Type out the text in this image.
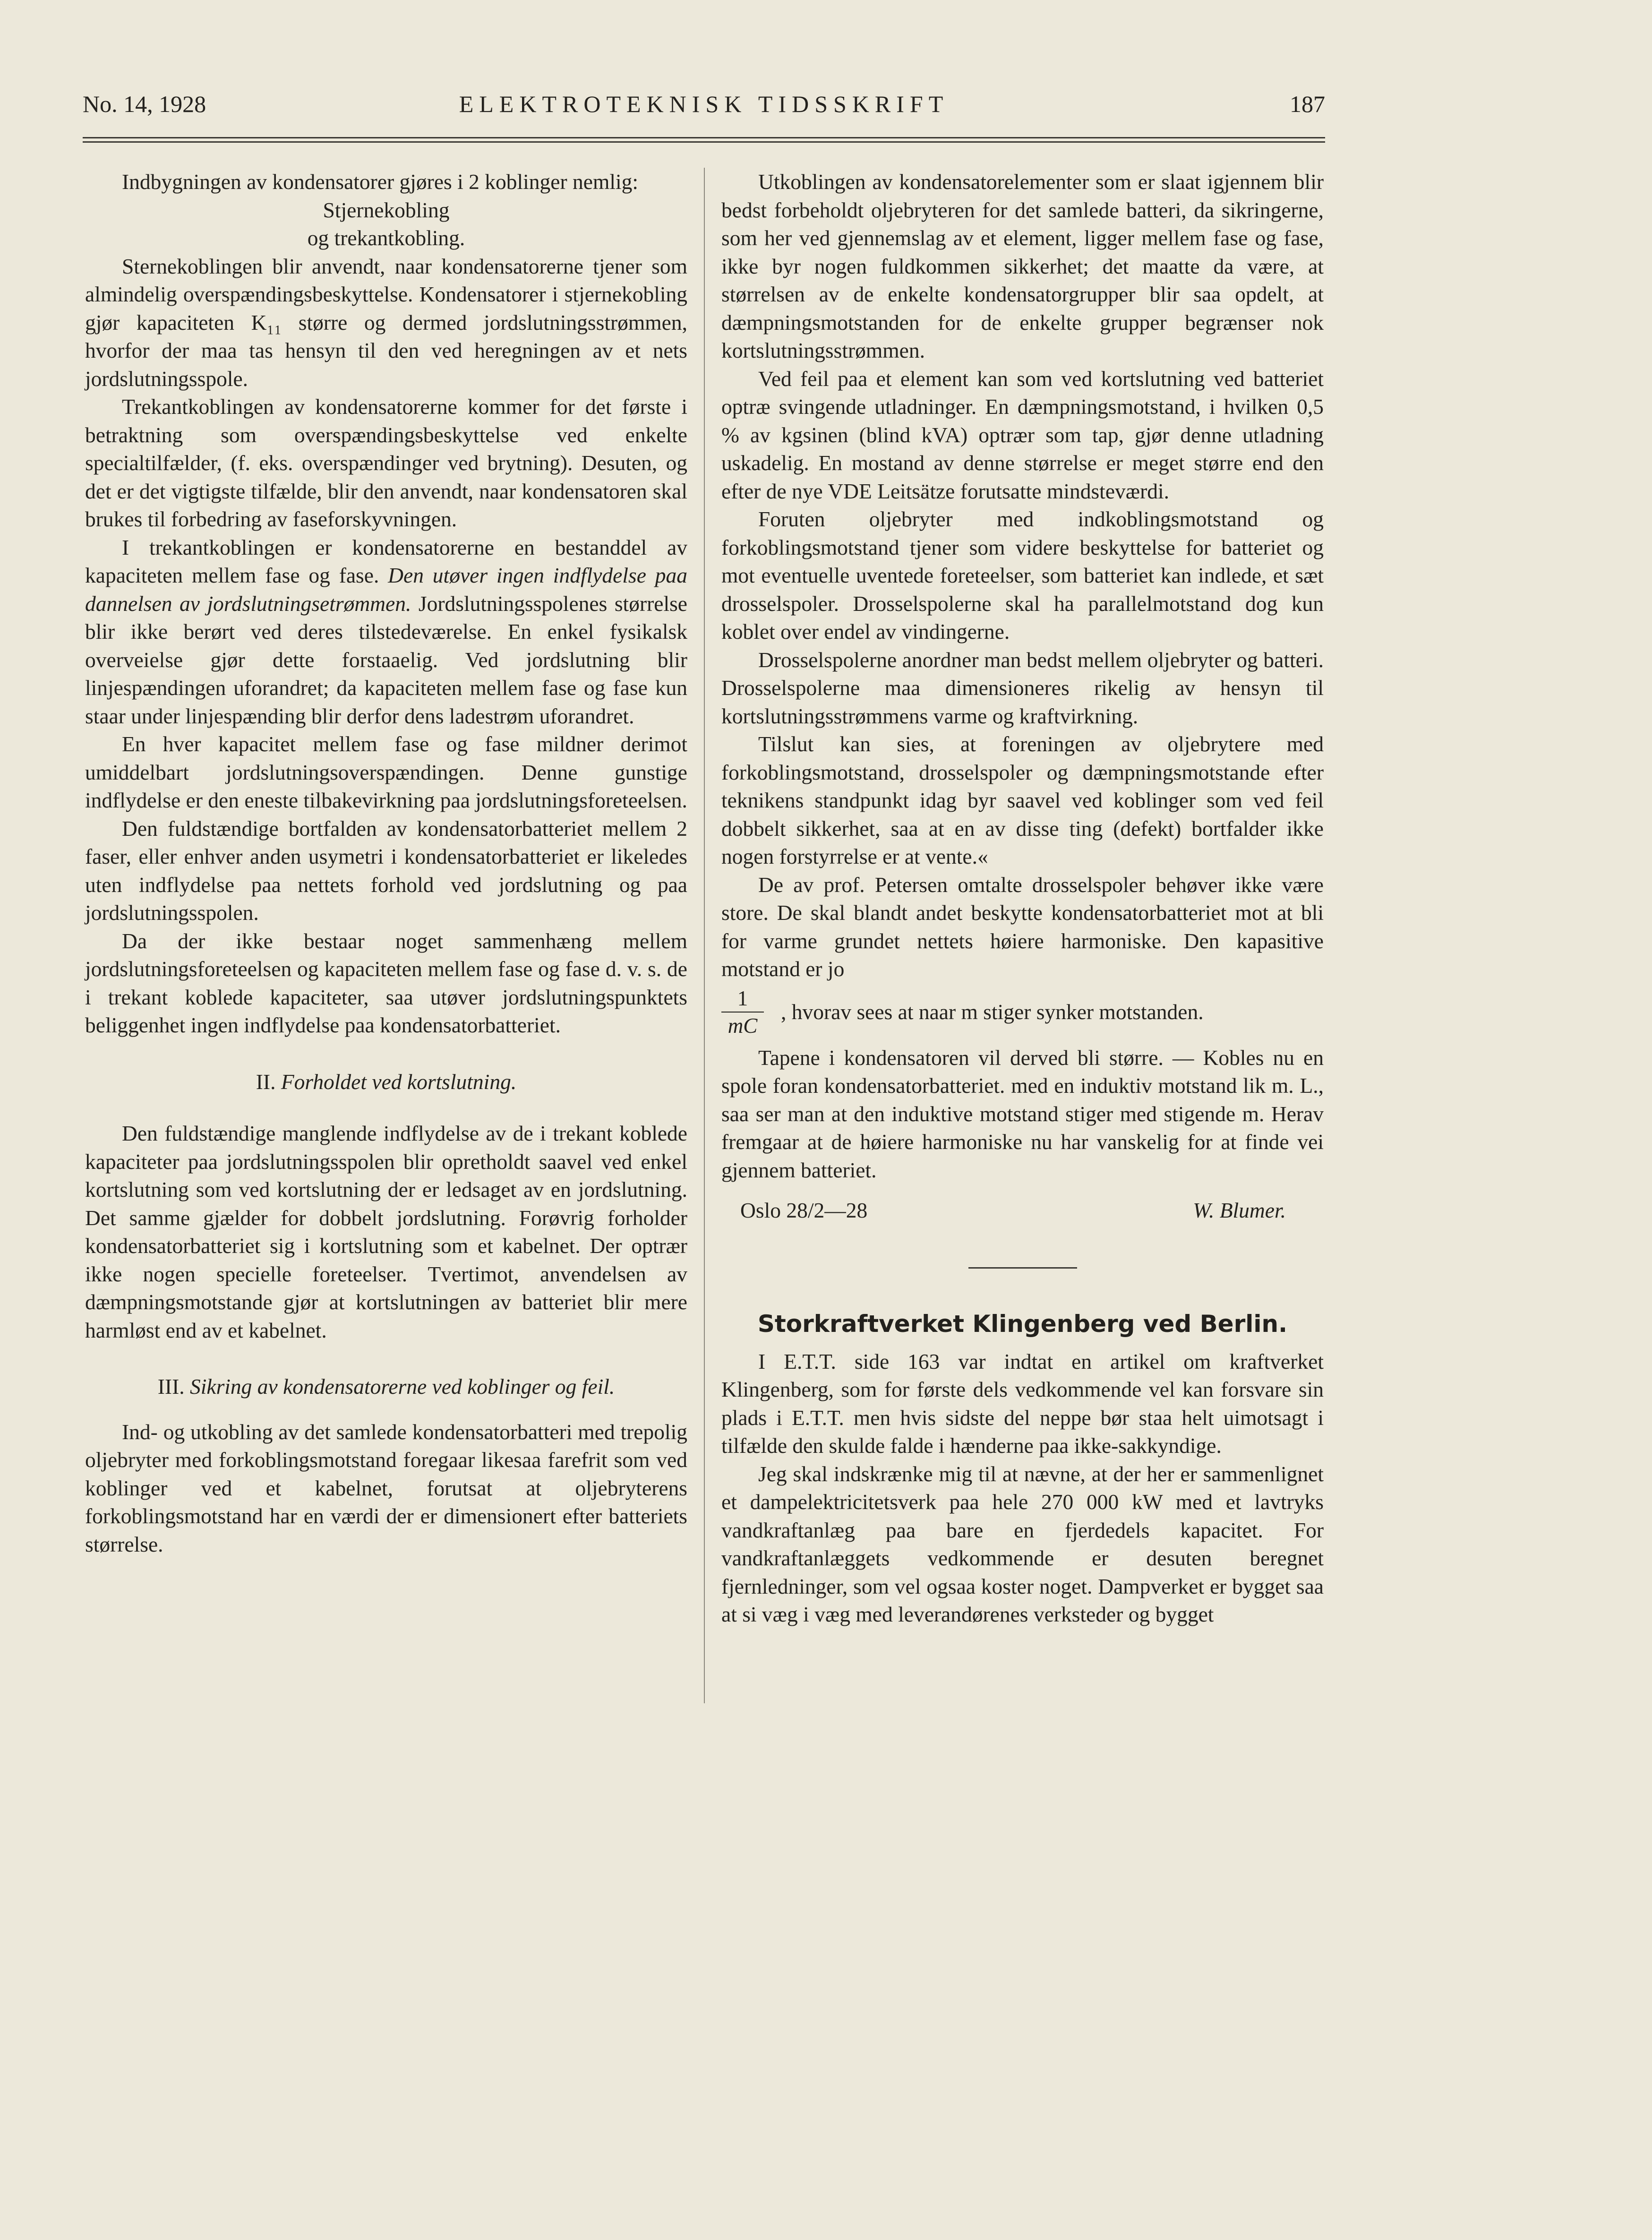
No. 14, 1928	ELEKTROTEKNISK TIDSSKRIFT	187

Indbygningen av kondensatorer gjøres i 2 koblinger nemlig:

Stjernekobling

og trekantkobling.

Sternekoblingen blir anvendt, naar kondensatorerne tjener som almindelig overspændingsbeskyttelse. Kondensatorer i stjernekobling gjør kapaciteten K₁₁ større og dermed jordslutningsstrømmen, hvorfor der maa tas hensyn til den ved heregningen av et nets jordslutningsspole.

Trekantkoblingen av kondensatorerne kommer for det første i betraktning som overspændingsbeskyttelse ved enkelte specialtilfælder, (f. eks. overspændinger ved brytning). Desuten, og det er det vigtigste tilfælde, blir den anvendt, naar kondensatoren skal brukes til forbedring av faseforskyvningen.

I trekantkoblingen er kondensatorerne en bestanddel av kapaciteten mellem fase og fase. Den utøver ingen indflydelse paa dannelsen av jordslutningsetrømmen. Jordslutningsspolenes størrelse blir ikke berørt ved deres tilstedeværelse. En enkel fysikalsk overveielse gjør dette forstaaelig. Ved jordslutning blir linjespændingen uforandret; da kapaciteten mellem fase og fase kun staar under linjespænding blir derfor dens ladestrøm uforandret.

En hver kapacitet mellem fase og fase mildner derimot umiddelbart jordslutningsoverspændingen. Denne gunstige indflydelse er den eneste tilbakevirkning paa jordslutningsforeteelsen.

Den fuldstændige bortfalden av kondensatorbatteriet mellem 2 faser, eller enhver anden usymetri i kondensatorbatteriet er likeledes uten indflydelse paa nettets forhold ved jordslutning og paa jordslutningsspolen.

Da der ikke bestaar noget sammenhæng mellem jordslutningsforeteelsen og kapaciteten mellem fase og fase d. v. s. de i trekant koblede kapaciteter, saa utøver jordslutningspunktets beliggenhet ingen indflydelse paa kondensatorbatteriet.

II. Forholdet ved kortslutning.

Den fuldstændige manglende indflydelse av de i trekant koblede kapaciteter paa jordslutningsspolen blir opretholdt saavel ved enkel kortslutning som ved kortslutning der er ledsaget av en jordslutning. Det samme gjælder for dobbelt jordslutning. Forøvrig forholder kondensatorbatteriet sig i kortslutning som et kabelnet. Der optrær ikke nogen specielle foreteelser. Tvertimot, anvendelsen av dæmpningsmotstande gjør at kortslutningen av batteriet blir mere harmløst end av et kabelnet.

III. Sikring av kondensatorerne ved koblinger og feil.

Ind- og utkobling av det samlede kondensatorbatteri med trepolig oljebryter med forkoblingsmotstand foregaar likesaa farefrit som ved koblinger ved et kabelnet, forutsat at oljebryterens forkoblingsmotstand har en værdi der er dimensionert efter batteriets størrelse.

Utkoblingen av kondensatorelementer som er slaat igjennem blir bedst forbeholdt oljebryteren for det samlede batteri, da sikringerne, som her ved gjennemslag av et element, ligger mellem fase og fase, ikke byr nogen fuldkommen sikkerhet; det maatte da være, at størrelsen av de enkelte kondensatorgrupper blir saa opdelt, at dæmpningsmotstanden for de enkelte grupper begrænser nok kortslutningsstrømmen.

Ved feil paa et element kan som ved kortslutning ved batteriet optræ svingende utladninger. En dæmpningsmotstand, i hvilken 0,5 % av kgsinen (blind kVA) optrær som tap, gjør denne utladning uskadelig. En mostand av denne størrelse er meget større end den efter de nye VDE Leitsätze forutsatte mindsteværdi.

Foruten oljebryter med indkoblingsmotstand og forkoblingsmotstand tjener som videre beskyttelse for batteriet og mot eventuelle uventede foreteelser, som batteriet kan indlede, et sæt drosselspoler. Drosselspolerne skal ha parallelmotstand dog kun koblet over endel av vindingerne.

Drosselspolerne anordner man bedst mellem oljebryter og batteri. Drosselspolerne maa dimensioneres rikelig av hensyn til kortslutningsstrømmens varme og kraftvirkning.

Tilslut kan sies, at foreningen av oljebrytere med forkoblingsmotstand, drosselspoler og dæmpningsmotstande efter teknikens standpunkt idag byr saavel ved koblinger som ved feil dobbelt sikkerhet, saa at en av disse ting (defekt) bortfalder ikke nogen forstyrrelse er at vente.«

De av prof. Petersen omtalte drosselspoler behøver ikke være store. De skal blandt andet beskytte kondensatorbatteriet mot at bli for varme grundet nettets høiere harmoniske. Den kapasitive motstand er jo

$\frac{1}{mC}$ , hvorav sees at naar m stiger synker motstanden.

Tapene i kondensatoren vil derved bli større. — Kobles nu en spole foran kondensatorbatteriet. med en induktiv motstand lik m. L., saa ser man at den induktive motstand stiger med stigende m. Herav fremgaar at de høiere harmoniske nu har vanskelig for at finde vei gjennem batteriet.

Oslo 28/2—28	W. Blumer.
Storkraftverket Klingenberg ved Berlin.

I E.T.T. side 163 var indtat en artikel om kraftverket Klingenberg, som for første dels vedkommende vel kan forsvare sin plads i E.T.T. men hvis sidste del neppe bør staa helt uimotsagt i tilfælde den skulde falde i hænderne paa ikke-sakkyndige.

Jeg skal indskrænke mig til at nævne, at der her er sammenlignet et dampelektricitetsverk paa hele 270 000 kW med et lavtryks vandkraftanlæg paa bare en fjerdedels kapacitet. For vandkraftanlæggets vedkommende er desuten beregnet fjernledninger, som vel ogsaa koster noget. Dampverket er bygget saa at si væg i væg med leverandørenes verksteder og bygget
